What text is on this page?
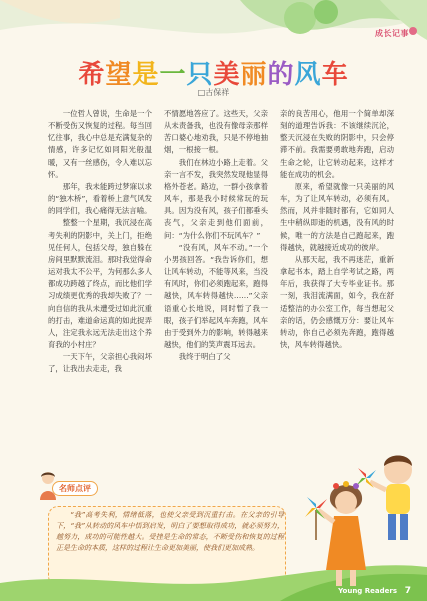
成长记事
希望是一只美丽的风车
□古保祥

一位哲人曾说，生命是一个不断受伤又恢复的过程。每当回忆往事，我心中总是充满复杂的情感，许多记忆如同阳光般温暖，又有一丝感伤，令人难以忘怀。

那年，我未能跨过梦寐以求的“独木桥”，看着桥上意气风发的同学们，我心痛得无法言喻。

整整一个星期，我沉浸在高考失利的阴影中，关上门，拒绝见任何人，包括父母，独自躲在房间里默默流泪。那时我觉得命运对我太不公平，为何那么多人都成功跨越了终点，而比他们学习成绩更优秀的我却失败了？一向自信的我从未遭受过如此沉重的打击，难道命运真的如此捉弄人，注定我永远无法走出这个养育我的小村庄？

一天下午，父亲担心我闷坏了，让我出去走走，我

不情愿地答应了。这些天，父亲从未责备我，也没有像母亲那样苦口婆心地劝我，只是不停地抽烟，一根接一根。

我们在林边小路上走着。父亲一言不发，我突然发现他显得格外苍老。路边，一群小孩拿着风车，那是我小时候常玩的玩具。因为没有风，孩子们都垂头丧气，父亲走到他们面前，问：“为什么你们不玩风车？”

“没有风，风车不动。”一个小男孩回答。“我告诉你们，想让风车转动，不能等风来，当没有风时，你们必须跑起来，跑得越快，风车转得越快……”父亲语重心长地说，同时暂了我一眼，孩子们举起风车奔跑，风车由于受到外力的影响，转得越来越快，他们的笑声震耳远去。

我终于明白了父

亲的良苦用心，他用一个简单却深刻的道理告诉我：不该继续沉沦，整天沉浸在失败的阴影中，只会停滞不前。我需要勇敢地奔跑，启动生命之轮，让它转动起来，这样才能在成功的机会。

原来，希望就像一只美丽的风车，为了让风车转动，必须有风。然而，风并非随时都有，它如同人生中稍纵即逝的机遇，没有风的时候，唯一的方法是自己跑起来，跑得越快，就越接近成功的彼岸。

从那天起，我不再迷茫，重新拿起书本，踏上自学考试之路，两年后，我获得了大专毕业证书。那一刻，我泪流满面，如今，我在舒适整洁的办公室工作，每当想起父亲的话，仍会感慨万分：要让风车转动，你自己必须先奔跑，跑得越快，风车转得越快。

名师点评

“我”高考失利，情绪低落，也使父亲受到沉重打击。在父亲的引导下，“我”从转动的风车中悟到启发，明白了要想取得成功，就必须努力，越努力，成功的可能性越大。受挫是生命的常态，不断受伤和恢复的过程正是生命的本质，这样的过程让生命更加美丽，使我们更加成熟。

Young Readers 7
